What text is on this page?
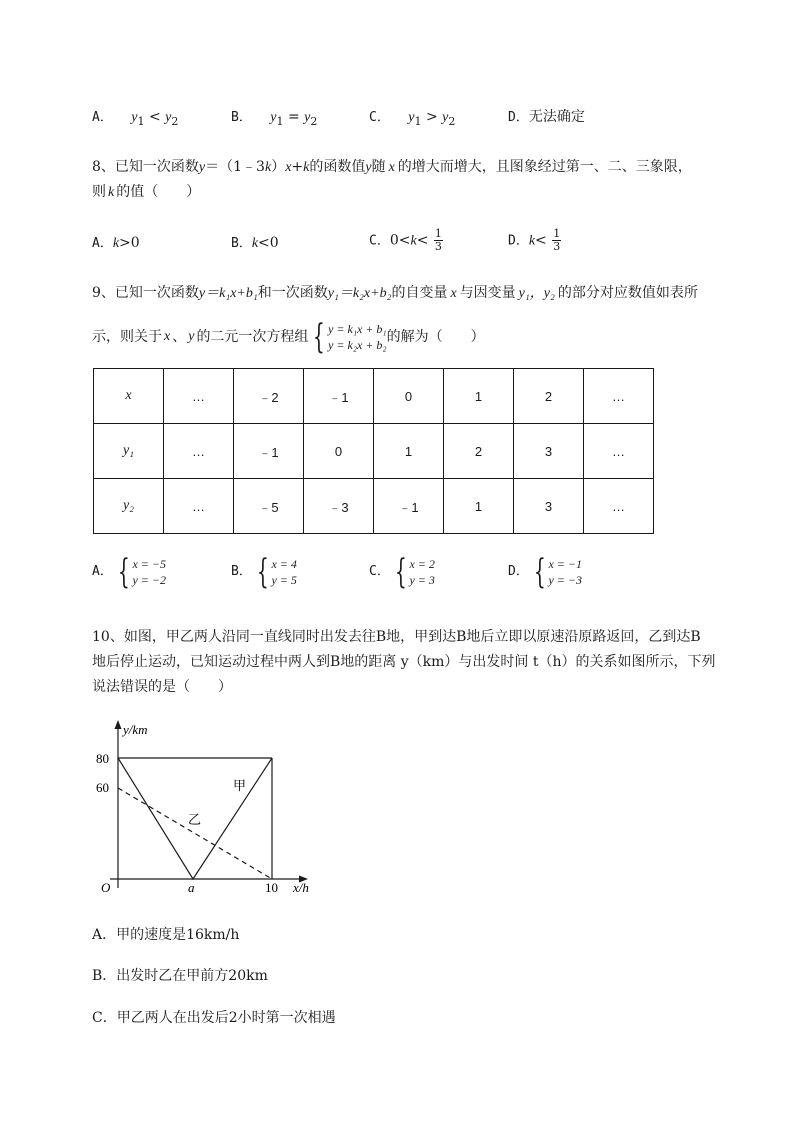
A． $y_1 < y_2$	B． $y_1 = y_2$	C． $y_1 > y_2$	D．无法确定
8、已知一次函数y＝（1﹣3k）x+k的函数值y随 x 的增大而增大，且图象经过第一、二、三象限，
则 k 的值（　　）
A．k>0	B．k<0	C．$0<k< \frac{1}{3}$	D．$k< \frac{1}{3}$
9、已知一次函数y＝k₁x+b₁和一次函数y₁＝k₂x+b₂的自变量 x 与因变量 y₁，y₂ 的部分对应数值如表所
示，则关于 x 、 y 的二元一次方程组 { y = k₁x + b₁
y = k₂x + b₂ 的解为（　　）
x	…	﹣2	﹣1	0	1	2	…
y₁	…	﹣1	0	1	2	3	…
y₂	…	﹣5	﹣3	﹣1	1	3	…
A． { x = −5
y = −2
B． { x = 4
y = 5
C． { x = 2
y = 3
D． { x = −1
y = −3
10、如图，甲乙两人沿同一直线同时出发去往B地，甲到达B地后立即以原速沿原路返回，乙到达B
地后停止运动，已知运动过程中两人到B地的距离 y（km）与出发时间 t（h）的关系如图所示，下列
说法错误的是（　　）
y/km
80
60
O	a	10 x/h
甲
乙
A．甲的速度是16km/h
B．出发时乙在甲前方20km
C．甲乙两人在出发后2小时第一次相遇
